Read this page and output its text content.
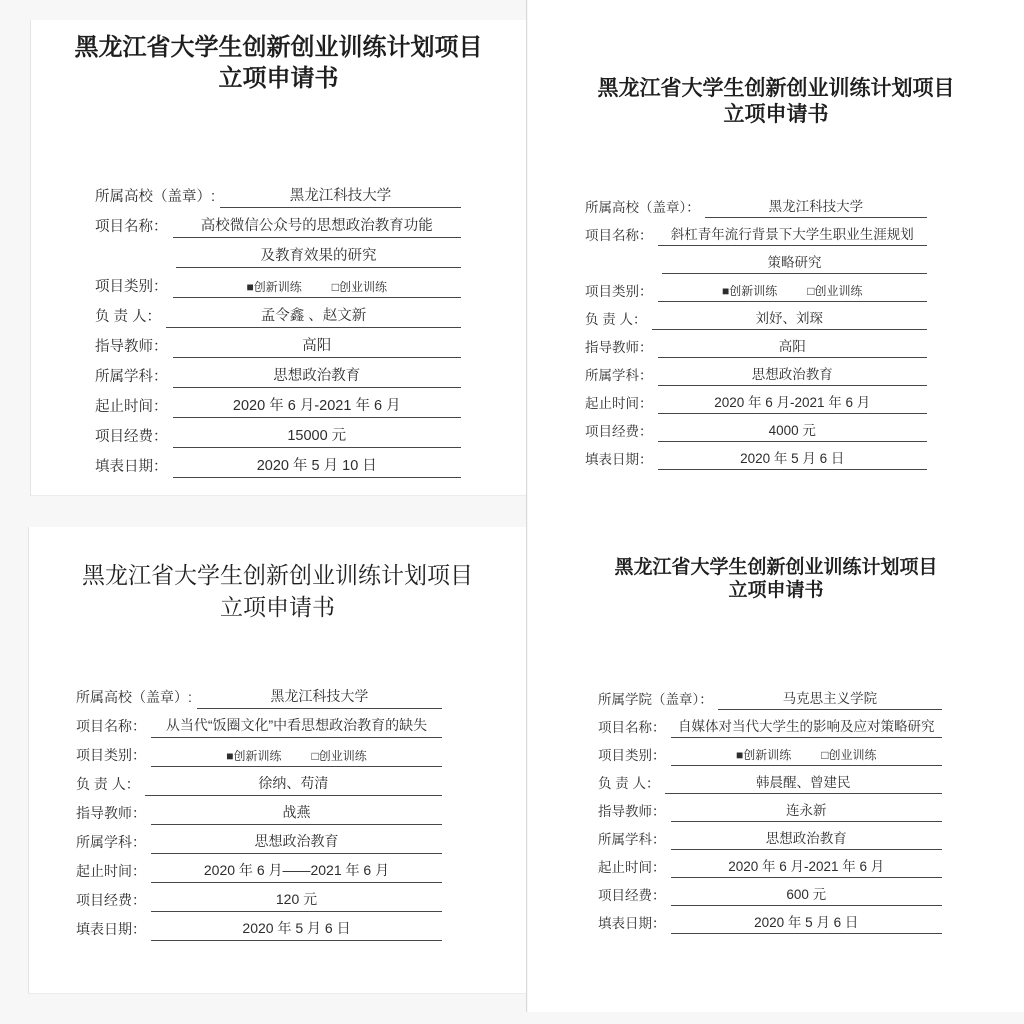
黑龙江省大学生创新创业训练计划项目
立项申请书
所属高校（盖章）:	黑龙江科技大学
项目名称：	高校微信公众号的思想政治教育功能
及教育效果的研究
项目类别：	■创新训练	□创业训练
负 责 人：	孟令鑫 、赵文新
指导教师：	高阳
所属学科：	思想政治教育
起止时间：	2020 年 6 月-2021 年 6 月
项目经费：	15000 元
填表日期：	2020 年 5 月 10 日
黑龙江省大学生创新创业训练计划项目
立项申请书
所属高校（盖章）:	黑龙江科技大学
项目名称：	从当代“饭圈文化”中看思想政治教育的缺失
项目类别：	■创新训练	□创业训练
负 责 人：	徐纳、苟清
指导教师：	战燕
所属学科：	思想政治教育
起止时间：	2020 年 6 月——2021 年 6 月
项目经费：	120 元
填表日期：	2020 年 5 月 6 日
黑龙江省大学生创新创业训练计划项目
立项申请书
所属高校（盖章）：	黑龙江科技大学
项目名称：	斜杠青年流行背景下大学生职业生涯规划
策略研究
项目类别：	■创新训练	□创业训练
负 责 人：	刘妤、刘琛
指导教师：	高阳
所属学科：	思想政治教育
起止时间：	2020 年 6 月-2021 年 6 月
项目经费：	4000 元
填表日期：	2020 年 5 月 6 日
黑龙江省大学生创新创业训练计划项目
立项申请书
所属学院（盖章）：	马克思主义学院
项目名称： 自媒体对当代大学生的影响及应对策略研究
项目类别：	■创新训练	□创业训练
负 责 人：	韩晨醒、曾建民
指导教师：	连永新
所属学科：	思想政治教育
起止时间：	2020 年 6 月-2021 年 6 月
项目经费：	600 元
填表日期：	2020 年 5 月 6 日
